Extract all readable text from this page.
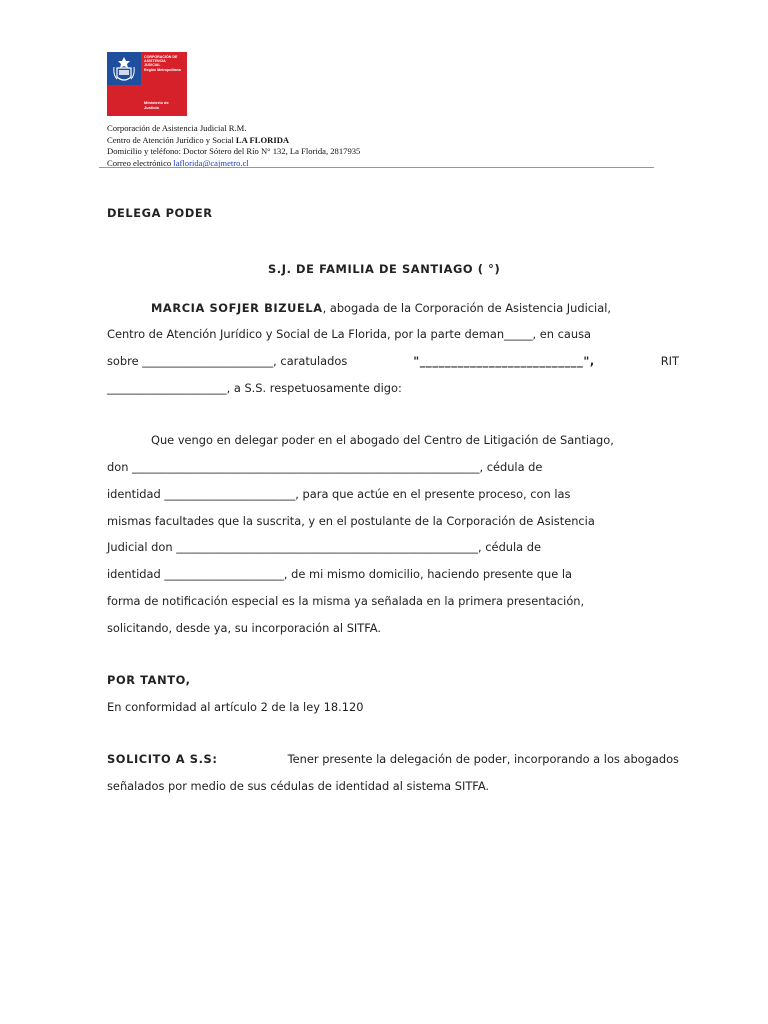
CORPORACIÓN DE
ASISTENCIA
JUDICIAL
Región Metropolitana
Ministerio de
Justicia
Corporación de Asistencia Judicial R.M.
Centro de Atención Jurídico y Social LA FLORIDA
Domicilio y teléfono: Doctor Sótero del Río N° 132, La Florida, 2817935
Correo electrónico laflorida@cajmetro.cl
DELEGA PODER
S.J. DE FAMILIA DE SANTIAGO ( °)
MARCIA SOFJER BIZUELA, abogada de la Corporación de Asistencia Judicial,
Centro de Atención Jurídico y Social de La Florida, por la parte deman_____, en causa
sobre _______________________, caratulados	"__________________________",	RIT
_____________________, a S.S. respetuosamente digo:
Que vengo en delegar poder en el abogado del Centro de Litigación de Santiago,
don _____________________________________________________________, cédula de
identidad _______________________, para que actúe en el presente proceso, con las
mismas facultades que la suscrita, y en el postulante de la Corporación de Asistencia
Judicial don _____________________________________________________, cédula de
identidad _____________________, de mi mismo domicilio, haciendo presente que la
forma de notificación especial es la misma ya señalada en la primera presentación,
solicitando, desde ya, su incorporación al SITFA.
POR TANTO,
En conformidad al artículo 2 de la ley 18.120
SOLICITO A S.S:	Tener presente la delegación de poder, incorporando a los abogados
señalados por medio de sus cédulas de identidad al sistema SITFA.
